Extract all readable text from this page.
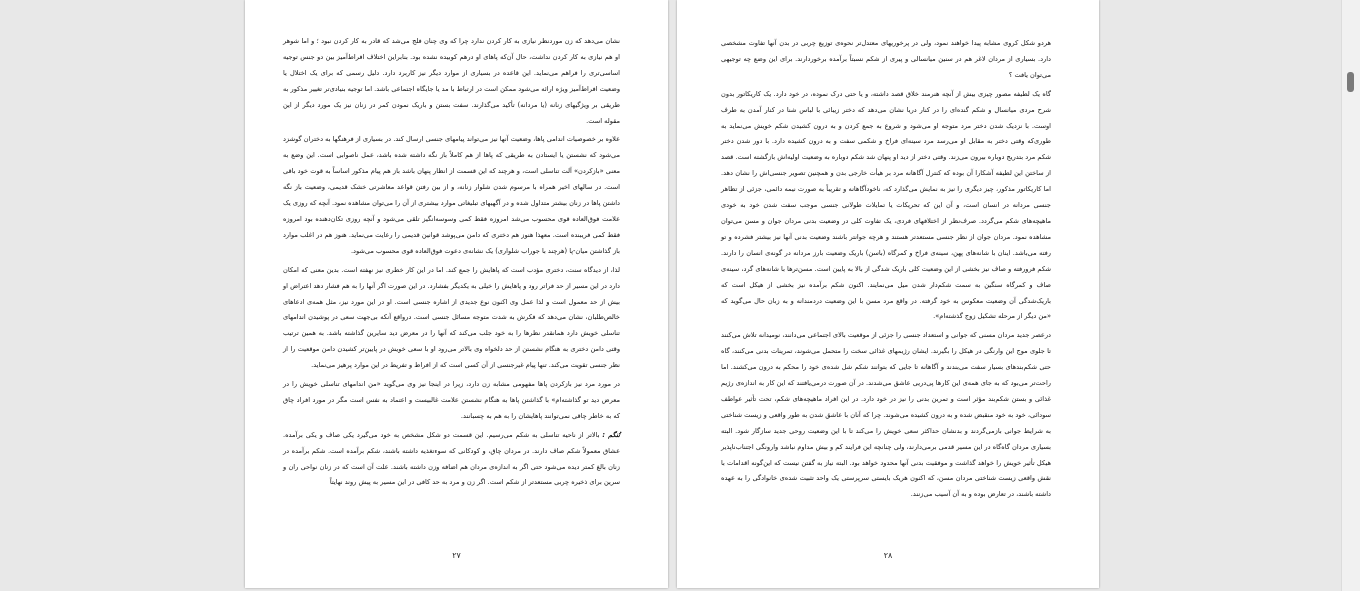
نشان می‌دهد که زن موردنظر نیازی به کار کردن ندارد چرا که وی چنان فلج می‌شد که قادر به کار کردن نبود ؛ و اما شوهر او هم نیازی به کار کردن نداشت، حال آن‌که پاهای او درهم کوبیده نشده بود. بنابراین اختلاف افراط‌آمیز بین دو جنس توجیه اساسی‌تری را فراهم می‌نماید. این قاعده در بسیاری از موارد دیگر نیز کاربرد دارد. دلیل رسمی که برای یک اختلال یا وضعیت افراط‌آمیز ویژه ارائه می‌شود ممکن است در ارتباط با مد یا جایگاه اجتماعی باشد. اما توجیه بنیادی‌تر تغییر مذکور به طریقی بر ویژگیهای زنانه (یا مردانه) تأکید می‌گذارند. سفت بستن و باریک نمودن کمر در زنان نیز یک مورد دیگر از این مقوله است.

علاوه بر خصوصیات اندامی پاها، وضعیت آنها نیز می‌تواند پیامهای جنسی ارسال کند. در بسیاری از فرهنگها به دختران گوشزد می‌شود که نشستن یا ایستادن به طریقی که پاها از هم کاملاً باز نگه داشته شده باشد، عمل ناصوابی است. این وضع به معنی «بازکردن» آلت تناسلی است، و هرچند که این قسمت از انظار پنهان باشد باز هم پیام مذکور اساساً به قوت خود باقی است. در سالهای اخیر همراه با مرسوم شدن شلوار زنانه، و از بین رفتن قواعد معاشرتی خشک قدیمی، وضعیت باز نگه داشتن پاها در زنان بیشتر متداول شده و در آگهیهای تبلیغاتی موارد بیشتری از آن را می‌توان مشاهده نمود. آنچه که روزی یک علامت فوق‌العاده قوی محسوب می‌شد امروزه فقط کمی وسوسه‌انگیز تلقی می‌شود و آنچه روزی تکان‌دهنده بود امروزه فقط کمی فریبنده است. معهذا هنوز هم دختری که دامن می‌پوشد قوانین قدیمی را رعایت می‌نماید. هنوز هم در اغلب موارد باز گذاشتن میان-پا (هرچند با جوراب شلواری) یک نشانه‌ی دعوت فوق‌العاده قوی محسوب می‌شود.

لذا، از دیدگاه سنت، دختری مؤدب است که پاهایش را جمع کند. اما در این کار خطری نیز نهفته است. بدین معنی که امکان دارد در این مسیر از حد فراتر رود و پاهایش را خیلی به یکدیگر بفشارد. در این صورت اگر آنها را به هم فشار دهد اعتراض او بیش از حد معمول است و لذا عمل وی اکنون نوع جدیدی از اشاره جنسی است. او در این مورد نیز، مثل همه‌ی ادعاهای خالص‌طلبان، نشان می‌دهد که فکرش به شدت متوجه مسائل جنسی است. درواقع آنکه بی‌جهت سعی در پوشیدن اندامهای تناسلی خویش دارد همانقدر نظرها را به خود جلب می‌کند که آنها را در معرض دید سایرین گذاشته باشد. به همین ترتیب وقتی دامن دختری به هنگام نشستن از حد دلخواه وی بالاتر می‌رود او با سعی خویش در پایین‌تر کشیدن دامن موقعیت را از نظر جنسی تقویت می‌کند. تنها پیام غیرجنسی از آن کسی است که از افراط و تفریط در این موارد پرهیز می‌نماید.

در مورد مرد نیز بازکردن پاها مفهومی مشابه زن دارد، زیرا در اینجا نیز وی می‌گوید «من اندامهای تناسلی خویش را در معرض دید تو گذاشته‌ام» با گذاشتن پاها به هنگام نشستن علامت غالبیست و اعتماد به نفس است مگر در مورد افراد چاق که به خاطر چاقی نمی‌توانند پاهایشان را به هم به چسبانند.

تُنگم : بالاتر از ناحیه تناسلی به شکم می‌رسیم. این قسمت دو شکل مشخص به خود می‌گیرد یکی صاف و یکی برآمده. عشاق معمولاً شکم صاف دارند. در مردان چاق، و کودکانی که سوءتغذیه داشته باشند، شکم برآمده است. شکم برآمده در زنان بالغ کمتر دیده می‌شود حتی اگر به اندازه‌ی مردان هم اضافه وزن داشته باشند. علت آن است که در زنان نواحی ران و سرین برای ذخیره چربی مستعدتر از شکم است. اگر زن و مرد به حد کافی در این مسیر به پیش روند نهایتاً

۲۷

هردو شکل کروی مشابه پیدا خواهند نمود، ولی در پرخوریهای معتدل‌تر نحوه‌ی توزیع چربی در بدن آنها تفاوت مشخصی دارد. بسیاری از مردان لاغر هم در سنین میانسالی و پیری از شکم نسبتاً برآمده برخوردارند. برای این وضع چه توجیهی می‌توان یافت ؟

گاه یک لطیفه مصور چیزی بیش از آنچه هنرمند خلاق قصد داشته، و یا حتی درک نموده، در خود دارد. یک کاریکاتور بدون شرح مردی میانسال و شکم گنده‌ای را در کنار دریا نشان می‌دهد که دختر زیبائی با لباس شنا در کنار آمدن به طرف اوست. با نزدیک شدن دختر مرد متوجه او می‌شود و شروع به جمع کردن و به درون کشیدن شکم خویش می‌نماید به طوری‌که وقتی دختر به مقابل او می‌رسد مرد سینه‌ای فراخ و شکمی سفت و به درون کشیده دارد. با دور شدن دختر شکم مرد بتدریج دوباره بیرون می‌زند. وقتی دختر از دید او پنهان شد شکم دوباره به وضعیت اولیه‌اش بازگشته است. قصد از ساختن این لطیفه آشکارا آن بوده که کنترل آگاهانه مرد بر هیأت خارجی بدن و همچنین تصویر جنسی‌اش را نشان دهد. اما کاریکاتور مذکور، چیز دیگری را نیز به نمایش می‌گذارد که، ناخودآگاهانه و تقریباً به صورت نیمه دائمی، جزئی از تظاهر جنسی مردانه در انسان است، و آن این که تحریکات یا تمایلات طولانی جنسی موجب سفت شدن خود به خودی ماهیچه‌های شکم می‌گردد. صرف‌نظر از اختلافهای فردی، یک تفاوت کلی در وضعیت بدنی مردان جوان و مسن می‌توان مشاهده نمود. مردان جوان از نظر جنسی مستعدتر هستند و هرچه جوانتر باشند وضعیت بدنی آنها نیز بیشتر فشرده و تو رفته می‌باشد. اینان با شانه‌های پهن، سینه‌ی فراخ و کمرگاه (باسن) باریک وضعیت بارز مردانه در گونه‌ی انسان را دارند. شکم فرورفته و صاف نیز بخشی از این وضعیت کلی باریک شدگی از بالا به پایین است. مسن‌ترها با شانه‌های گرد، سینه‌ی صاف و کمرگاه سنگین به سمت شکم‌دار شدن میل می‌نمایند. اکنون شکم برآمده نیز بخشی از هیکل است که باریک‌شدگی آن وضعیت معکوس به خود گرفته. در واقع مرد مسن با این وضعیت دردمندانه و به زبان حال می‌گوید که «من دیگر از مرحله تشکیل زوج گذشته‌ام».

درعصر جدید مردان مسنی که جوانی و استعداد جنسی را جزئی از موقعیت بالای اجتماعی می‌دانند، نومیدانه تلاش می‌کنند تا جلوی موج این وارنگی در هیکل را بگیرند. ایشان رژیمهای غذائی سخت را متحمل می‌شوند، تمرینات بدنی می‌کنند، گاه حتی شکم‌بندهای بسیار سفت می‌بندند و آگاهانه تا جایی که بتوانند شکم شل شده‌ی خود را محکم به درون می‌کشند. اما راحت‌تر می‌بود که به جای همه‌ی این کارها پی‌دریی عاشق می‌شدند. در آن صورت درمی‌یافتند که این کار به اندازه‌ی رژیم غذائی و بستن شکم‌بند مؤثر است و تمرین بدنی را نیز در خود دارد. در این افراد ماهیچه‌های شکم، تحت تأثیر عواطف سودائی، خود به خود منقبض شده و به درون کشیده می‌شوند. چرا که آنان با عاشق شدن به طور واقعی و زیست شناختی به شرایط جوانی بازمی‌گردند و بدنشان حداکثر سعی خویش را می‌کند تا با این وضعیت روحی جدید سازگار شود. البته بسیاری مردان گاه‌گاه در این مسیر قدمی برمی‌دارند، ولی چنانچه این فرایند کم و بیش مداوم نباشد وارونگی اجتناب‌ناپذیر هیکل تأثیر خویش را خواهد گذاشت و موفقیت بدنی آنها محدود خواهد بود. البته نیاز به گفتن نیست که این‌گونه اقدامات با نقش واقعی زیست شناختی مردان مسن، که اکنون هریک بایستی سرپرستی یک واحد تثبیت شده‌ی خانوادگی را به عهده داشته باشند، در تعارض بوده و به آن آسیب می‌زنند.

۲۸
